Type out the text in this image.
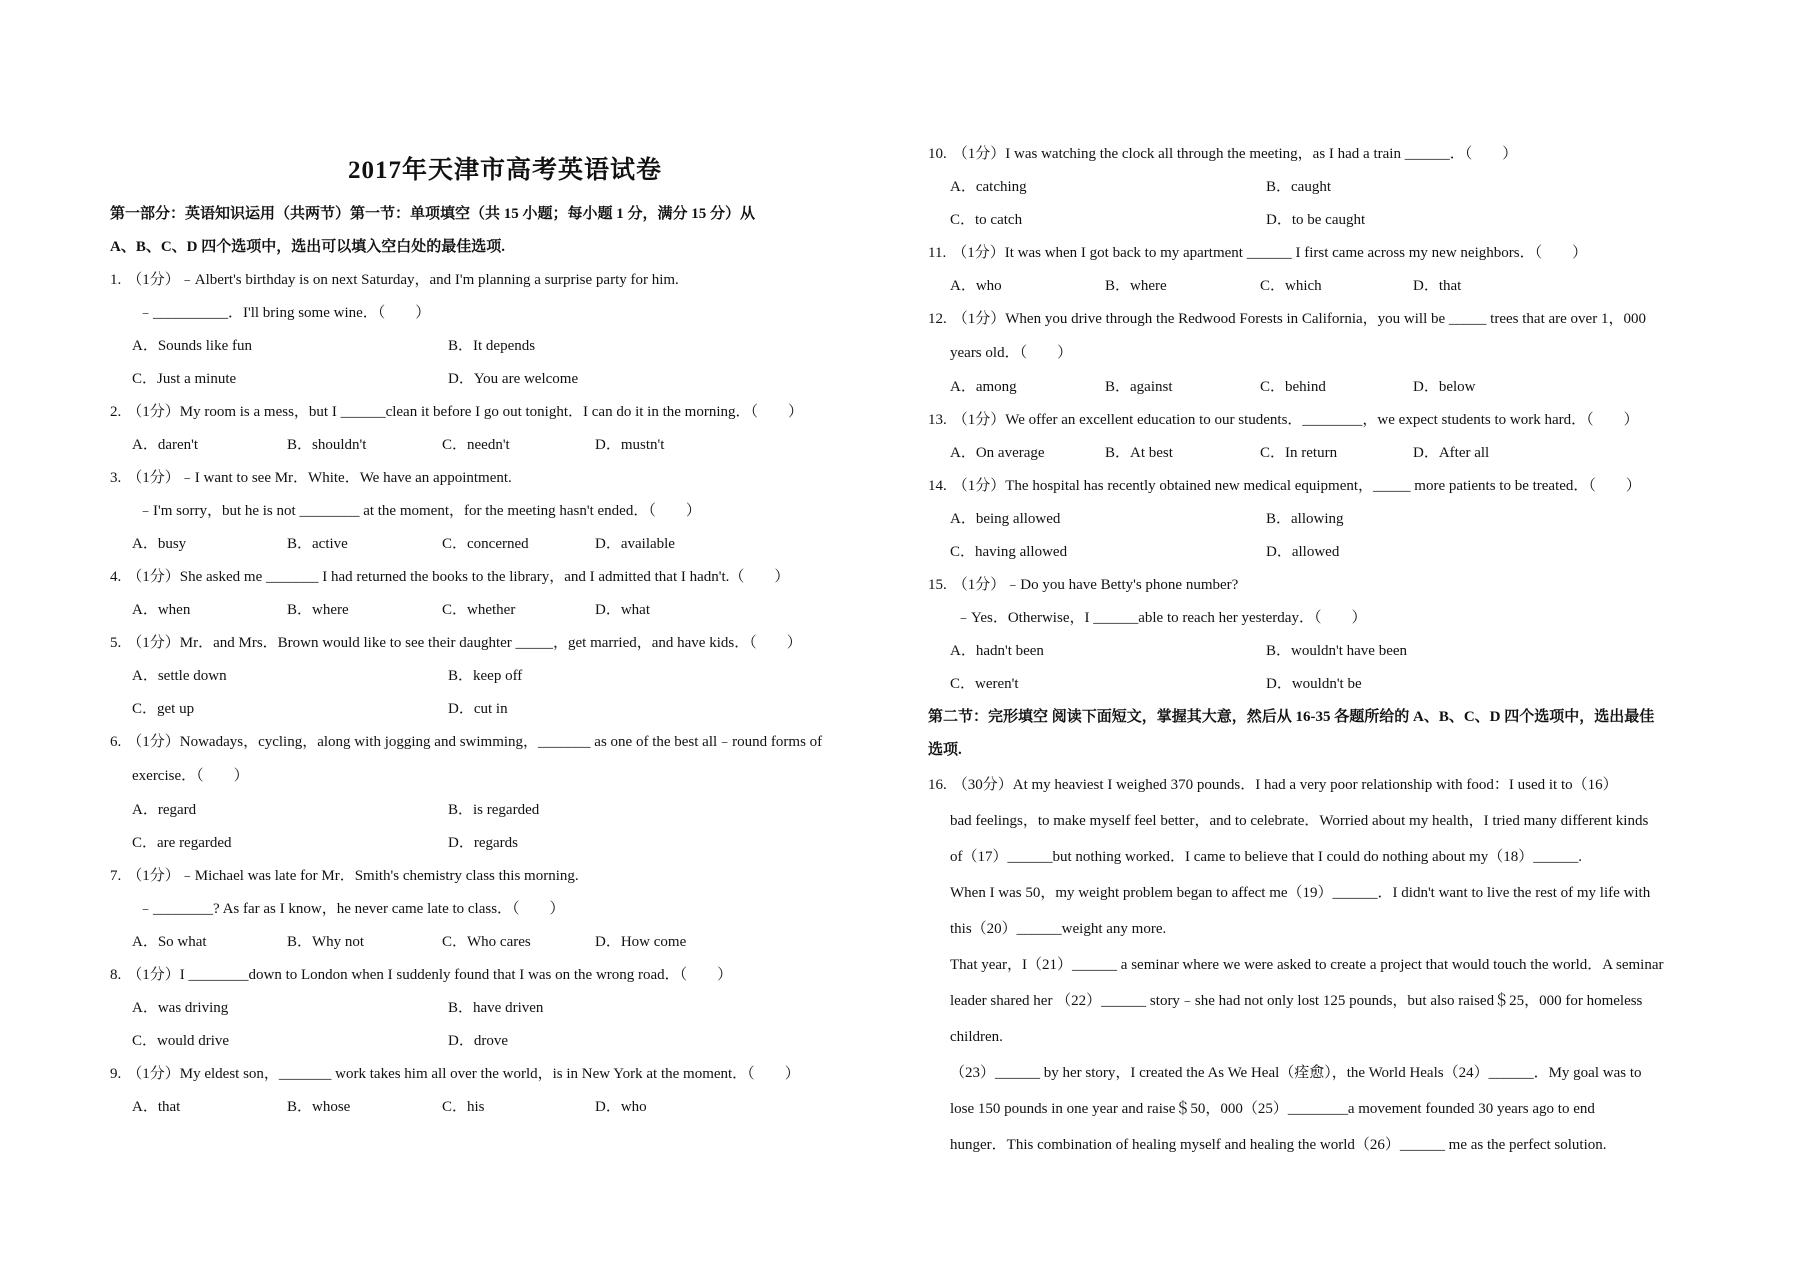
2017年天津市高考英语试卷
第一部分：英语知识运用（共两节）第一节：单项填空（共 15 小题；每小题 1 分，满分 15 分）从
A、B、C、D 四个选项中，选出可以填入空白处的最佳选项.
1. （1分）﹣Albert's birthday is on next Saturday，and I'm planning a surprise party for him.
﹣__________．I'll bring some wine．（　　）
A．Sounds like fun	B．It depends
C．Just a minute	D．You are welcome
2. （1分）My room is a mess，but I ______clean it before I go out tonight．I can do it in the morning．（　　）
A．daren't	B．shouldn't	C．needn't	D．mustn't
3. （1分）﹣I want to see Mr．White．We have an appointment.
﹣I'm sorry，but he is not ________ at the moment，for the meeting hasn't ended．（　　）
A．busy	B．active	C．concerned	D．available
4. （1分）She asked me _______ I had returned the books to the library，and I admitted that I hadn't.（　　）
A．when	B．where	C．whether	D．what
5. （1分）Mr．and Mrs．Brown would like to see their daughter _____，get married，and have kids．（　　）
A．settle down	B．keep off
C．get up	D．cut in
6. （1分）Nowadays，cycling，along with jogging and swimming，_______ as one of the best all﹣round forms of
exercise．（　　）
A．regard	B．is regarded
C．are regarded	D．regards
7. （1分）﹣Michael was late for Mr．Smith's chemistry class this morning.
﹣________? As far as I know，he never came late to class．（　　）
A．So what	B．Why not	C．Who cares	D．How come
8. （1分）I ________down to London when I suddenly found that I was on the wrong road．（　　）
A．was driving	B．have driven
C．would drive	D．drove
9. （1分）My eldest son，_______ work takes him all over the world，is in New York at the moment．（　　）
A．that	B．whose	C．his	D．who
10. （1分）I was watching the clock all through the meeting，as I had a train ______．（　　）
A．catching	B．caught
C．to catch	D．to be caught
11. （1分）It was when I got back to my apartment ______ I first came across my new neighbors．（　　）
A．who	B．where	C．which	D．that
12. （1分）When you drive through the Redwood Forests in California，you will be _____ trees that are over 1，000
years old．（　　）
A．among	B．against	C．behind	D．below
13. （1分）We offer an excellent education to our students．________，we expect students to work hard．（　　）
A．On average	B．At best	C．In return	D．After all
14. （1分）The hospital has recently obtained new medical equipment，_____ more patients to be treated．（　　）
A．being allowed	B．allowing
C．having allowed	D．allowed
15. （1分）﹣Do you have Betty's phone number?
﹣Yes．Otherwise，I ______able to reach her yesterday．（　　）
A．hadn't been	B．wouldn't have been
C．weren't	D．wouldn't be
第二节：完形填空 阅读下面短文，掌握其大意，然后从 16-35 各题所给的 A、B、C、D 四个选项中，选出最佳
选项.
16. （30分）At my heaviest I weighed 370 pounds．I had a very poor relationship with food：I used it to（16）
bad feelings，to make myself feel better，and to celebrate．Worried about my health，I tried many different kinds
of（17）______but nothing worked．I came to believe that I could do nothing about my（18）______.
When I was 50，my weight problem began to affect me（19）______．I didn't want to live the rest of my life with
this（20）______weight any more.
That year，I（21）______ a seminar where we were asked to create a project that would touch the world．A seminar
leader shared her （22）______ story﹣she had not only lost 125 pounds，but also raised＄25，000 for homeless
children.
（23）______ by her story，I created the As We Heal（痊愈），the World Heals（24）______．My goal was to
lose 150 pounds in one year and raise＄50，000（25）________a movement founded 30 years ago to end
hunger．This combination of healing myself and healing the world（26）______ me as the perfect solution.
